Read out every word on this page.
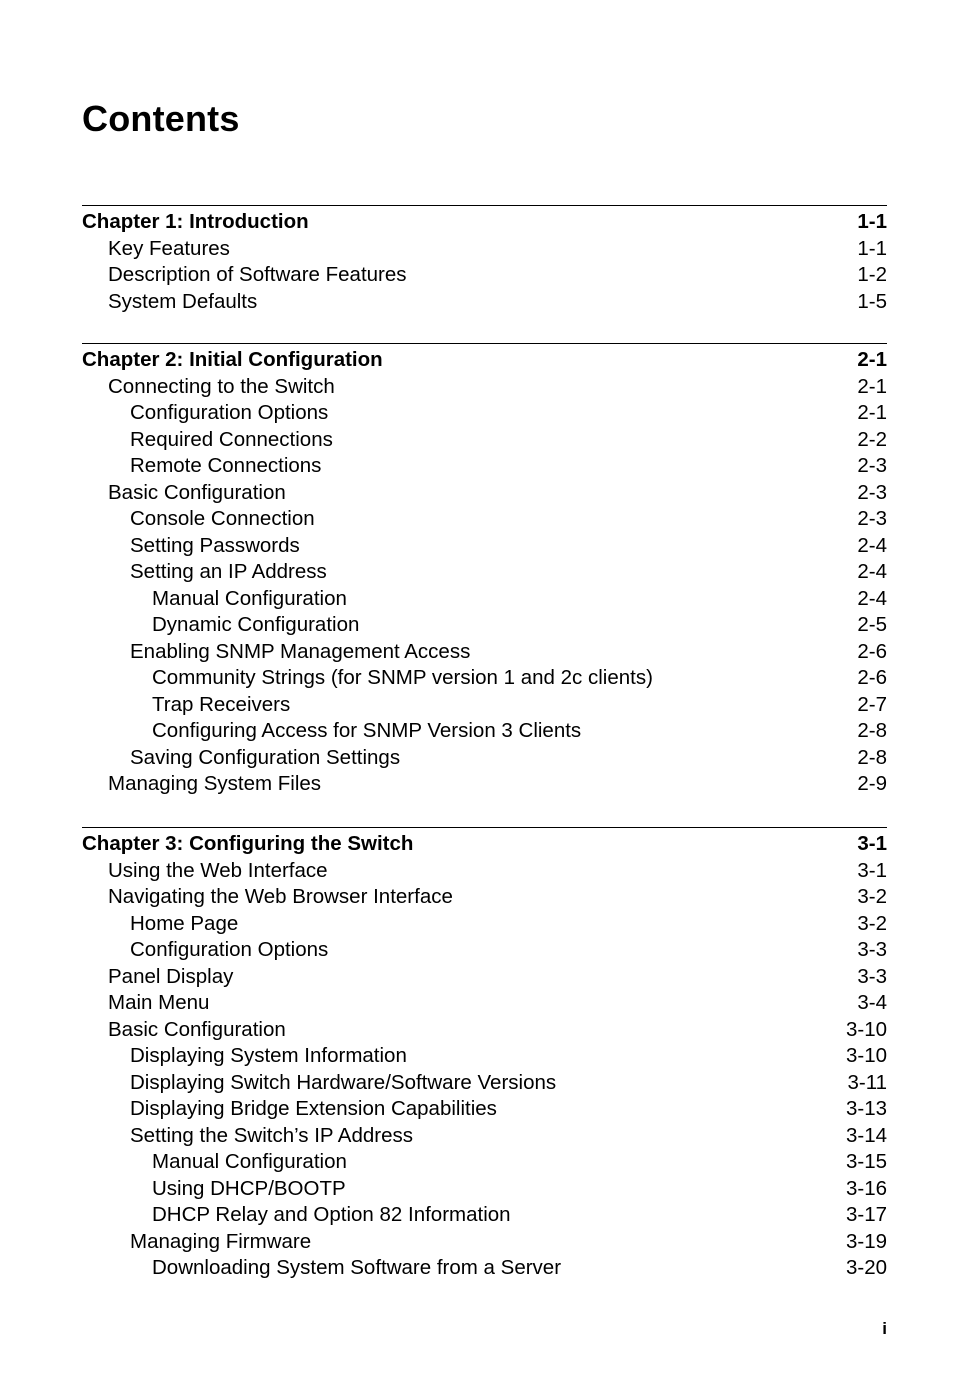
Contents
Chapter 1: Introduction	1-1
Key Features	1-1
Description of Software Features	1-2
System Defaults	1-5
Chapter 2: Initial Configuration	2-1
Connecting to the Switch	2-1
Configuration Options	2-1
Required Connections	2-2
Remote Connections	2-3
Basic Configuration	2-3
Console Connection	2-3
Setting Passwords	2-4
Setting an IP Address	2-4
Manual Configuration	2-4
Dynamic Configuration	2-5
Enabling SNMP Management Access	2-6
Community Strings (for SNMP version 1 and 2c clients)	2-6
Trap Receivers	2-7
Configuring Access for SNMP Version 3 Clients	2-8
Saving Configuration Settings	2-8
Managing System Files	2-9
Chapter 3: Configuring the Switch	3-1
Using the Web Interface	3-1
Navigating the Web Browser Interface	3-2
Home Page	3-2
Configuration Options	3-3
Panel Display	3-3
Main Menu	3-4
Basic Configuration	3-10
Displaying System Information	3-10
Displaying Switch Hardware/Software Versions	3-11
Displaying Bridge Extension Capabilities	3-13
Setting the Switch’s IP Address	3-14
Manual Configuration	3-15
Using DHCP/BOOTP	3-16
DHCP Relay and Option 82 Information	3-17
Managing Firmware	3-19
Downloading System Software from a Server	3-20
i
